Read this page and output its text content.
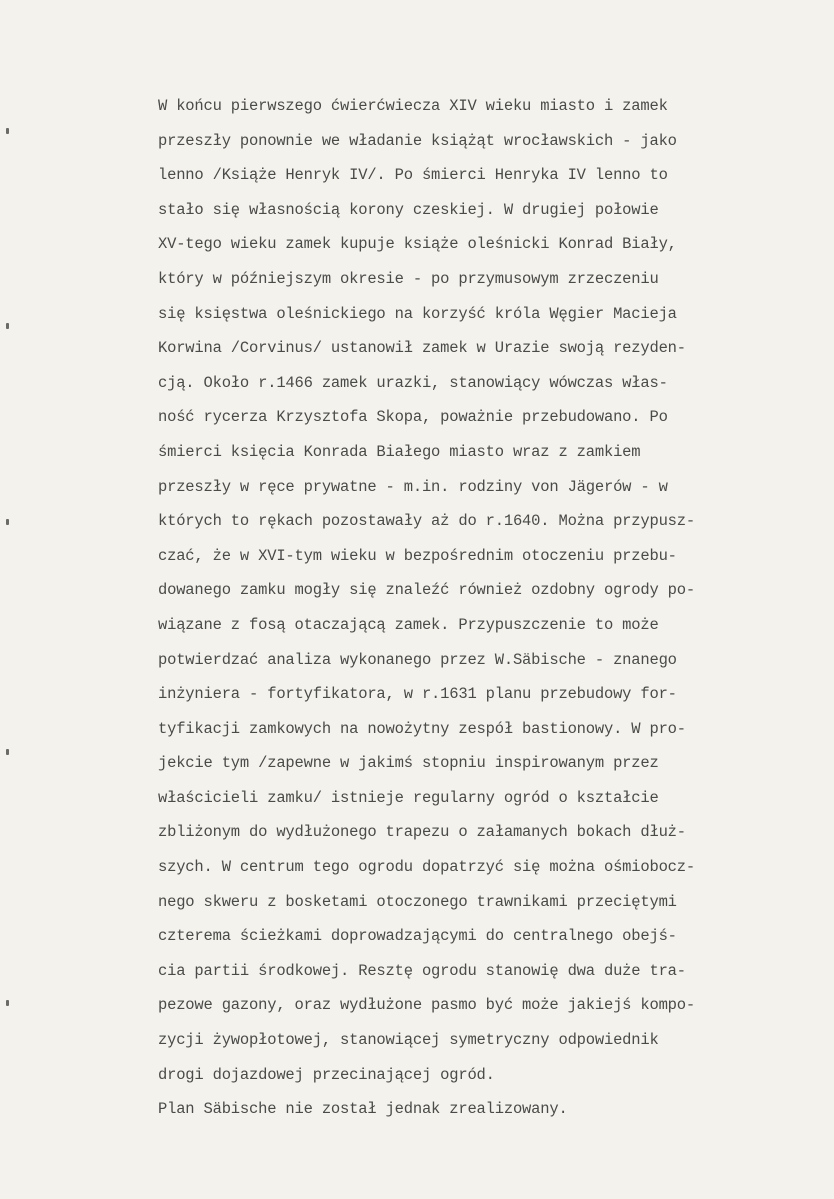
W końcu pierwszego ćwierćwiecza XIV wieku miasto i zamek
przeszły ponownie we władanie książąt wrocławskich - jako
lenno /Książe Henryk IV/. Po śmierci Henryka IV lenno to
stało się własnością korony czeskiej. W drugiej połowie
XV-tego wieku zamek kupuje książe oleśnicki Konrad Biały,
który w późniejszym okresie - po przymusowym zrzeczeniu
się księstwa oleśnickiego na korzyść króla Węgier Macieja
Korwina /Corvinus/ ustanowił zamek w Urazie swoją rezyden-
cją. Około r.1466 zamek urazki, stanowiący wówczas włas-
ność rycerza Krzysztofa Skopa, poważnie przebudowano. Po
śmierci księcia Konrada Białego miasto wraz z zamkiem
przeszły w ręce prywatne - m.in. rodziny von Jägerów - w
których to rękach pozostawały aż do r.1640. Można przypusz-
czać, że w XVI-tym wieku w bezpośrednim otoczeniu przebu-
dowanego zamku mogły się znaleźć również ozdobny ogrody po-
wiązane z fosą otaczającą zamek. Przypuszczenie to może
potwierdzać analiza wykonanego przez W.Säbische - znanego
inżyniera - fortyfikatora, w r.1631 planu przebudowy for-
tyfikacji zamkowych na nowożytny zespół bastionowy. W pro-
jekcie tym /zapewne w jakimś stopniu inspirowanym przez
właścicieli zamku/ istnieje regularny ogród o kształcie
zbliżonym do wydłużonego trapezu o załamanych bokach dłuż-
szych. W centrum tego ogrodu dopatrzyć się można ośmiobocz-
nego skweru z bosketami otoczonego trawnikami przeciętymi
czterema ścieżkami doprowadzającymi do centralnego obejś-
cia partii środkowej. Resztę ogrodu stanowię dwa duże tra-
pezowe gazony, oraz wydłużone pasmo być może jakiejś kompo-
zycji żywopłotowej, stanowiącej symetryczny odpowiednik
drogi dojazdowej przecinającej ogród.
Plan Säbische nie został jednak zrealizowany.
